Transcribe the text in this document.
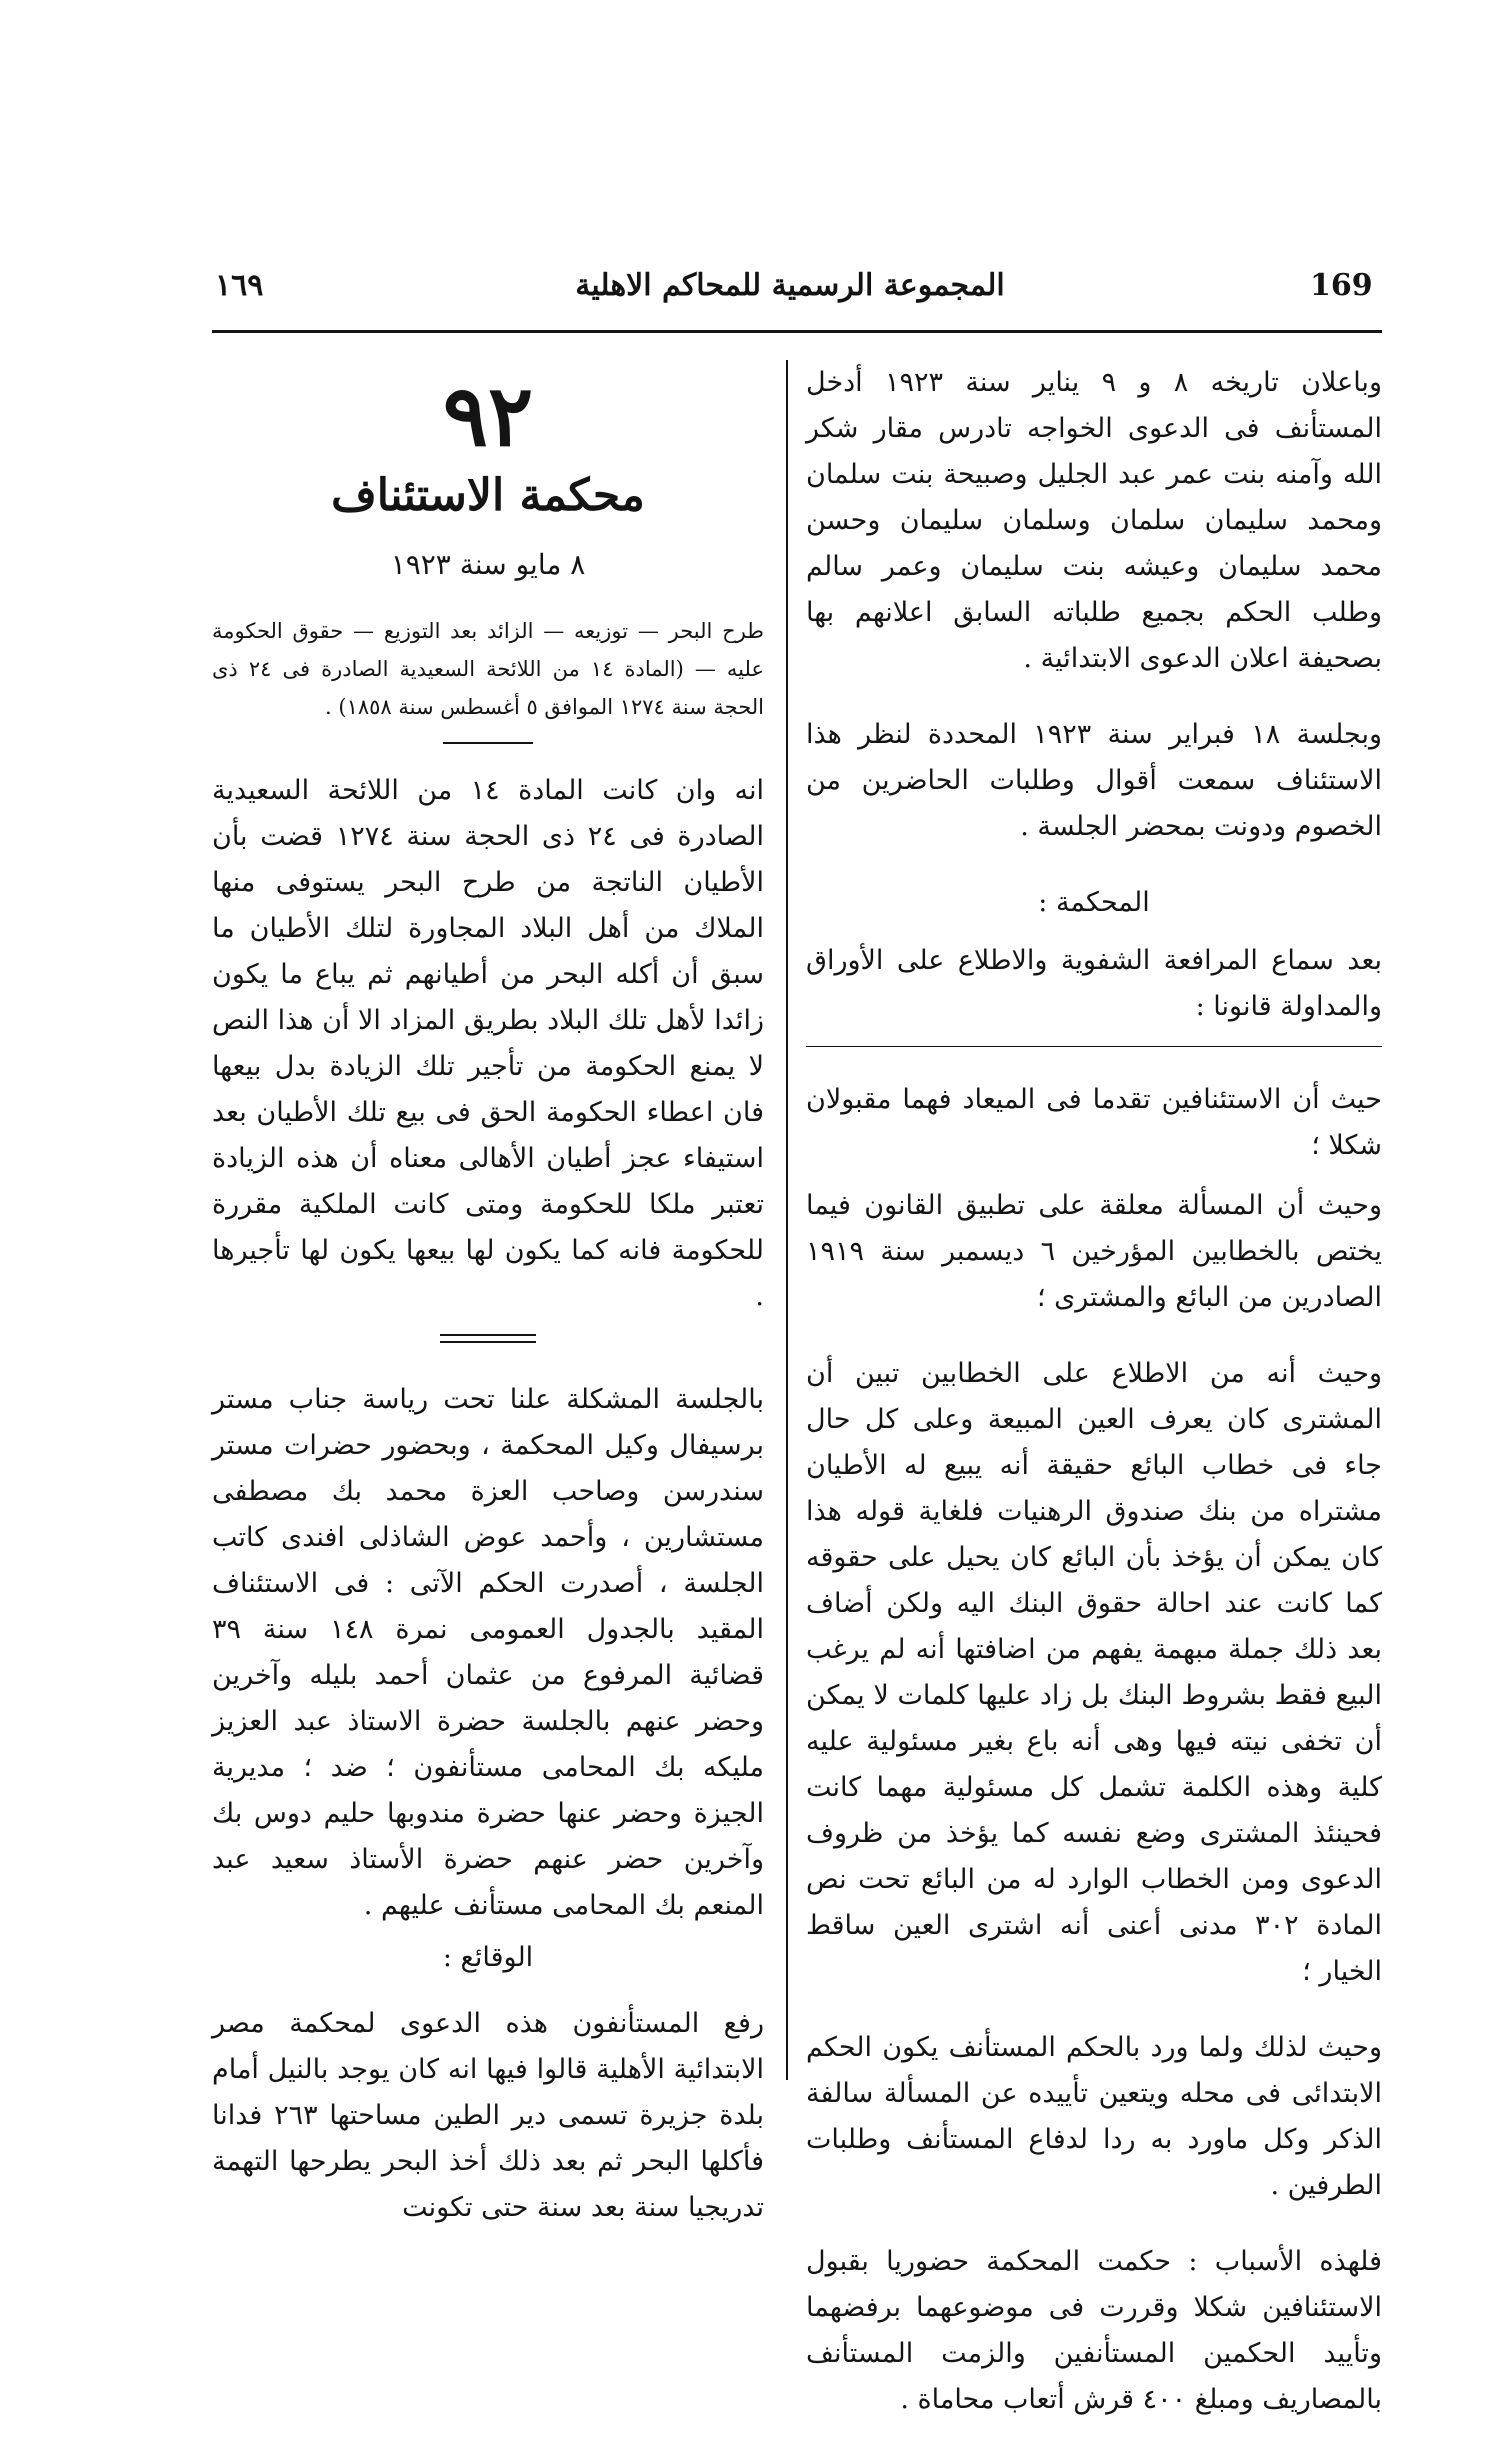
169
المجموعة الرسمية للمحاكم الاهلية
١٦٩

وباعلان تاريخه ٨ و ٩ يناير سنة ١٩٢٣ أدخل المستأنف فى الدعوى الخواجه تادرس مقار شكر الله وآمنه بنت عمر عبد الجليل وصبيحة بنت سلمان ومحمد سليمان سلمان وسلمان سليمان وحسن محمد سليمان وعيشه بنت سليمان وعمر سالم وطلب الحكم بجميع طلباته السابق اعلانهم بها بصحيفة اعلان الدعوى الابتدائية .

وبجلسة ١٨ فبراير سنة ١٩٢٣ المحددة لنظر هذا الاستئناف سمعت أقوال وطلبات الحاضرين من الخصوم ودونت بمحضر الجلسة .

المحكمة :

بعد سماع المرافعة الشفوية والاطلاع على الأوراق والمداولة قانونا :

حيث أن الاستئنافين تقدما فى الميعاد فهما مقبولان شكلا ؛

وحيث أن المسألة معلقة على تطبيق القانون فيما يختص بالخطابين المؤرخين ٦ ديسمبر سنة ١٩١٩ الصادرين من البائع والمشترى ؛

وحيث أنه من الاطلاع على الخطابين تبين أن المشترى كان يعرف العين المبيعة وعلى كل حال جاء فى خطاب البائع حقيقة أنه يبيع له الأطيان مشتراه من بنك صندوق الرهنيات فلغاية قوله هذا كان يمكن أن يؤخذ بأن البائع كان يحيل على حقوقه كما كانت عند احالة حقوق البنك اليه ولكن أضاف بعد ذلك جملة مبهمة يفهم من اضافتها أنه لم يرغب البيع فقط بشروط البنك بل زاد عليها كلمات لا يمكن أن تخفى نيته فيها وهى أنه باع بغير مسئولية عليه كلية وهذه الكلمة تشمل كل مسئولية مهما كانت فحينئذ المشترى وضع نفسه كما يؤخذ من ظروف الدعوى ومن الخطاب الوارد له من البائع تحت نص المادة ٣٠٢ مدنى أعنى أنه اشترى العين ساقط الخيار ؛

وحيث لذلك ولما ورد بالحكم المستأنف يكون الحكم الابتدائى فى محله ويتعين تأييده عن المسألة سالفة الذكر وكل ماورد به ردا لدفاع المستأنف وطلبات الطرفين .

فلهذه الأسباب : حكمت المحكمة حضوريا بقبول الاستئنافين شكلا وقررت فى موضوعهما برفضهما وتأييد الحكمين المستأنفين والزمت المستأنف بالمصاريف ومبلغ ٤٠٠ قرش أتعاب محاماة .

٩٢
محكمة الاستئناف
٨ مايو سنة ١٩٢٣
طرح البحر — توزيعه — الزائد بعد التوزيع — حقوق الحكومة عليه — (المادة ١٤ من اللائحة السعيدية الصادرة فى ٢٤ ذى الحجة سنة ١٢٧٤ الموافق ٥ أغسطس سنة ١٨٥٨) .

انه وان كانت المادة ١٤ من اللائحة السعيدية الصادرة فى ٢٤ ذى الحجة سنة ١٢٧٤ قضت بأن الأطيان الناتجة من طرح البحر يستوفى منها الملاك من أهل البلاد المجاورة لتلك الأطيان ما سبق أن أكله البحر من أطيانهم ثم يباع ما يكون زائدا لأهل تلك البلاد بطريق المزاد الا أن هذا النص لا يمنع الحكومة من تأجير تلك الزيادة بدل بيعها فان اعطاء الحكومة الحق فى بيع تلك الأطيان بعد استيفاء عجز أطيان الأهالى معناه أن هذه الزيادة تعتبر ملكا للحكومة ومتى كانت الملكية مقررة للحكومة فانه كما يكون لها بيعها يكون لها تأجيرها .

بالجلسة المشكلة علنا تحت رياسة جناب مستر برسيفال وكيل المحكمة ، وبحضور حضرات مستر سندرسن وصاحب العزة محمد بك مصطفى مستشارين ، وأحمد عوض الشاذلى افندى كاتب الجلسة ، أصدرت الحكم الآتى : فى الاستئناف المقيد بالجدول العمومى نمرة ١٤٨ سنة ٣٩ قضائية المرفوع من عثمان أحمد بليله وآخرين وحضر عنهم بالجلسة حضرة الاستاذ عبد العزيز مليكه بك المحامى مستأنفون ؛ ضد ؛ مديرية الجيزة وحضر عنها حضرة مندوبها حليم دوس بك وآخرين حضر عنهم حضرة الأستاذ سعيد عبد المنعم بك المحامى مستأنف عليهم .

الوقائع :

رفع المستأنفون هذه الدعوى لمحكمة مصر الابتدائية الأهلية قالوا فيها انه كان يوجد بالنيل أمام بلدة جزيرة تسمى دير الطين مساحتها ٢٦٣ فدانا فأكلها البحر ثم بعد ذلك أخذ البحر يطرحها التهمة تدريجيا سنة بعد سنة حتى تكونت
